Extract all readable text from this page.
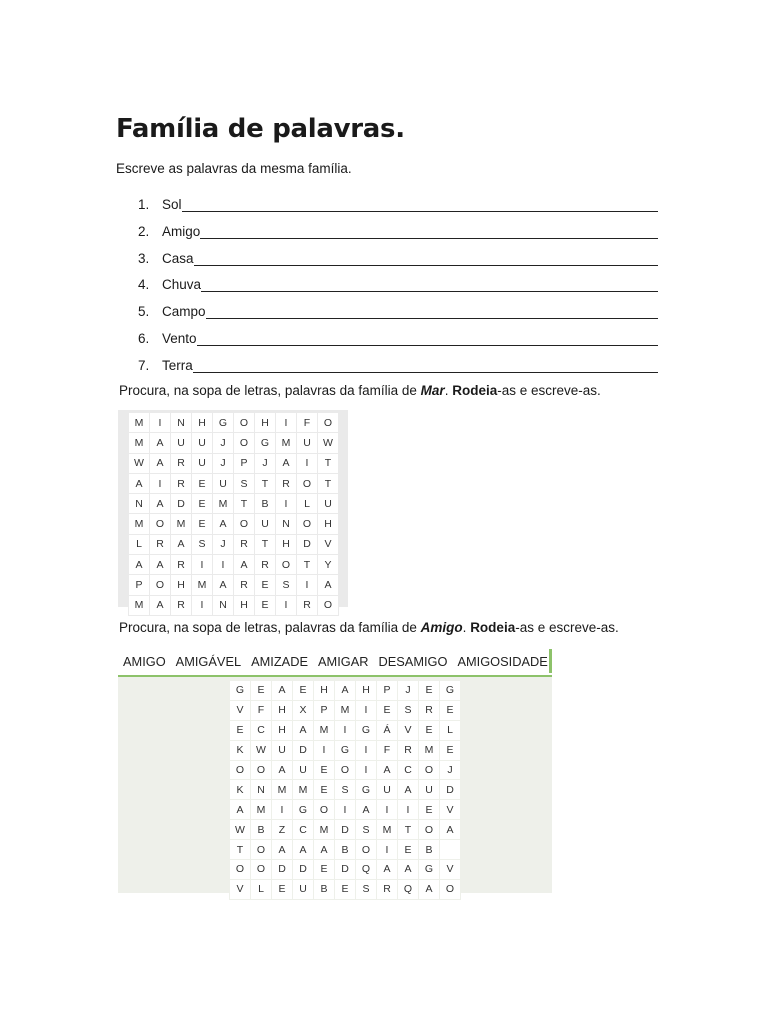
Família de palavras.
Escreve as palavras da mesma família.
1. Sol
2. Amigo
3. Casa
4. Chuva
5. Campo
6. Vento
7. Terra
Procura, na sopa de letras, palavras da família de Mar. Rodeia-as e escreve-as.
M	I	N	H	G	O	H	I	F	O
M	A	U	U	J	O	G	M	U	W
W	A	R	U	J	P	J	A	I	T
A	I	R	E	U	S	T	R	O	T
N	A	D	E	M	T	B	I	L	U
M	O	M	E	A	O	U	N	O	H
L	R	A	S	J	R	T	H	D	V
A	A	R	I	I	A	R	O	T	Y
P	O	H	M	A	R	E	S	I	A
M	A	R	I	N	H	E	I	R	O
Procura, na sopa de letras, palavras da família de Amigo. Rodeia-as e escreve-as.
AMIGO AMIGÁVEL AMIZADE AMIGAR DESAMIGO AMIGOSIDADE
G	E	A	E	H	A	H	P	J	E	G
V	F	H	X	P	M	I	E	S	R	E
E	C	H	A	M	I	G	Á	V	E	L
K	W	U	D	I	G	I	F	R	M	E
O	O	A	U	E	O	I	A	C	O	J
K	N	M	M	E	S	G	U	A	U	D
A	M	I	G	O	I	A	I	I	E	V
W	B	Z	C	M	D	S	M	T	O	A
T	O	A	A	A	B	O	I	E	B	
O	O	D	D	E	D	Q	A	A	G	V
V	L	E	U	B	E	S	R	Q	A	O
